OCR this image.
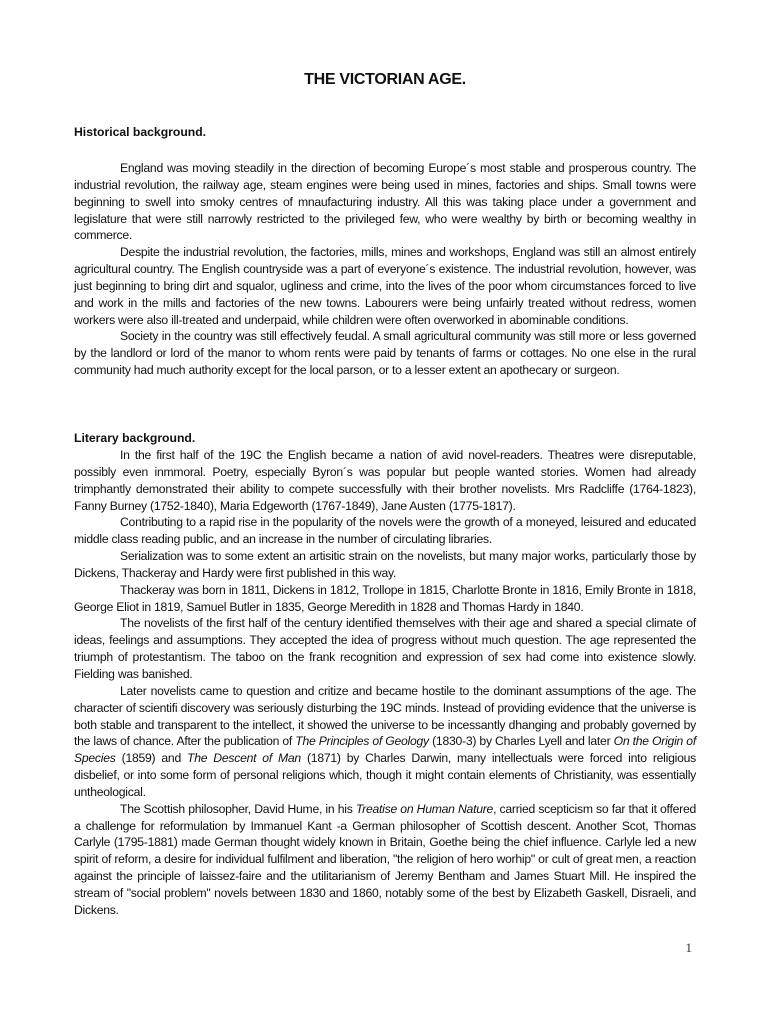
THE VICTORIAN AGE.
Historical background.

England was moving steadily in the direction of becoming Europe´s most stable and prosperous country. The industrial revolution, the railway age, steam engines were being used in mines, factories and ships. Small towns were beginning to swell into smoky centres of mnaufacturing industry. All this was taking place under a government and legislature that were still narrowly restricted to the privileged few, who were wealthy by birth or becoming wealthy in commerce.

Despite the industrial revolution, the factories, mills, mines and workshops, England was still an almost entirely agricultural country. The English countryside was a part of everyone´s existence. The industrial revolution, however, was just beginning to bring dirt and squalor, ugliness and crime, into the lives of the poor whom circumstances forced to live and work in the mills and factories of the new towns. Labourers were being unfairly treated without redress, women workers were also ill-treated and underpaid, while children were often overworked in abominable conditions.

Society in the country was still effectively feudal. A small agricultural community was still more or less governed by the landlord or lord of the manor to whom rents were paid by tenants of farms or cottages. No one else in the rural community had much authority except for the local parson, or to a lesser extent an apothecary or surgeon.

Literary background.

In the first half of the 19C the English became a nation of avid novel-readers. Theatres were disreputable, possibly even inmmoral. Poetry, especially Byron´s was popular but people wanted stories. Women had already trimphantly demonstrated their ability to compete successfully with their brother novelists. Mrs Radcliffe (1764-1823), Fanny Burney (1752-1840), Maria Edgeworth (1767-1849), Jane Austen (1775-1817).

Contributing to a rapid rise in the popularity of the novels were the growth of a moneyed, leisured and educated middle class reading public, and an increase in the number of circulating libraries.

Serialization was to some extent an artisitic strain on the novelists, but many major works, particularly those by Dickens, Thackeray and Hardy were first published in this way.

Thackeray was born in 1811, Dickens in 1812, Trollope in 1815, Charlotte Bronte in 1816, Emily Bronte in 1818, George Eliot in 1819, Samuel Butler in 1835, George Meredith in 1828 and Thomas Hardy in 1840.

The novelists of the first half of the century identified themselves with their age and shared a special climate of ideas, feelings and assumptions. They accepted the idea of progress without much question. The age represented the triumph of protestantism. The taboo on the frank recognition and expression of sex had come into existence slowly. Fielding was banished.

Later novelists came to question and critize and became hostile to the dominant assumptions of the age. The character of scientifi discovery was seriously disturbing the 19C minds. Instead of providing evidence that the universe is both stable and transparent to the intellect, it showed the universe to be incessantly dhanging and probably governed by the laws of chance. After the publication of The Principles of Geology (1830-3) by Charles Lyell and later On the Origin of Species (1859) and The Descent of Man (1871) by Charles Darwin, many intellectuals were forced into religious disbelief, or into some form of personal religions which, though it might contain elements of Christianity, was essentially untheological.

The Scottish philosopher, David Hume, in his Treatise on Human Nature, carried scepticism so far that it offered a challenge for reformulation by Immanuel Kant -a German philosopher of Scottish descent. Another Scot, Thomas Carlyle (1795-1881) made German thought widely known in Britain, Goethe being the chief influence. Carlyle led a new spirit of reform, a desire for individual fulfilment and liberation, "the religion of hero worhip" or cult of great men, a reaction against the principle of laissez-faire and the utilitarianism of Jeremy Bentham and James Stuart Mill. He inspired the stream of "social problem" novels between 1830 and 1860, notably some of the best by Elizabeth Gaskell, Disraeli, and Dickens.

1
